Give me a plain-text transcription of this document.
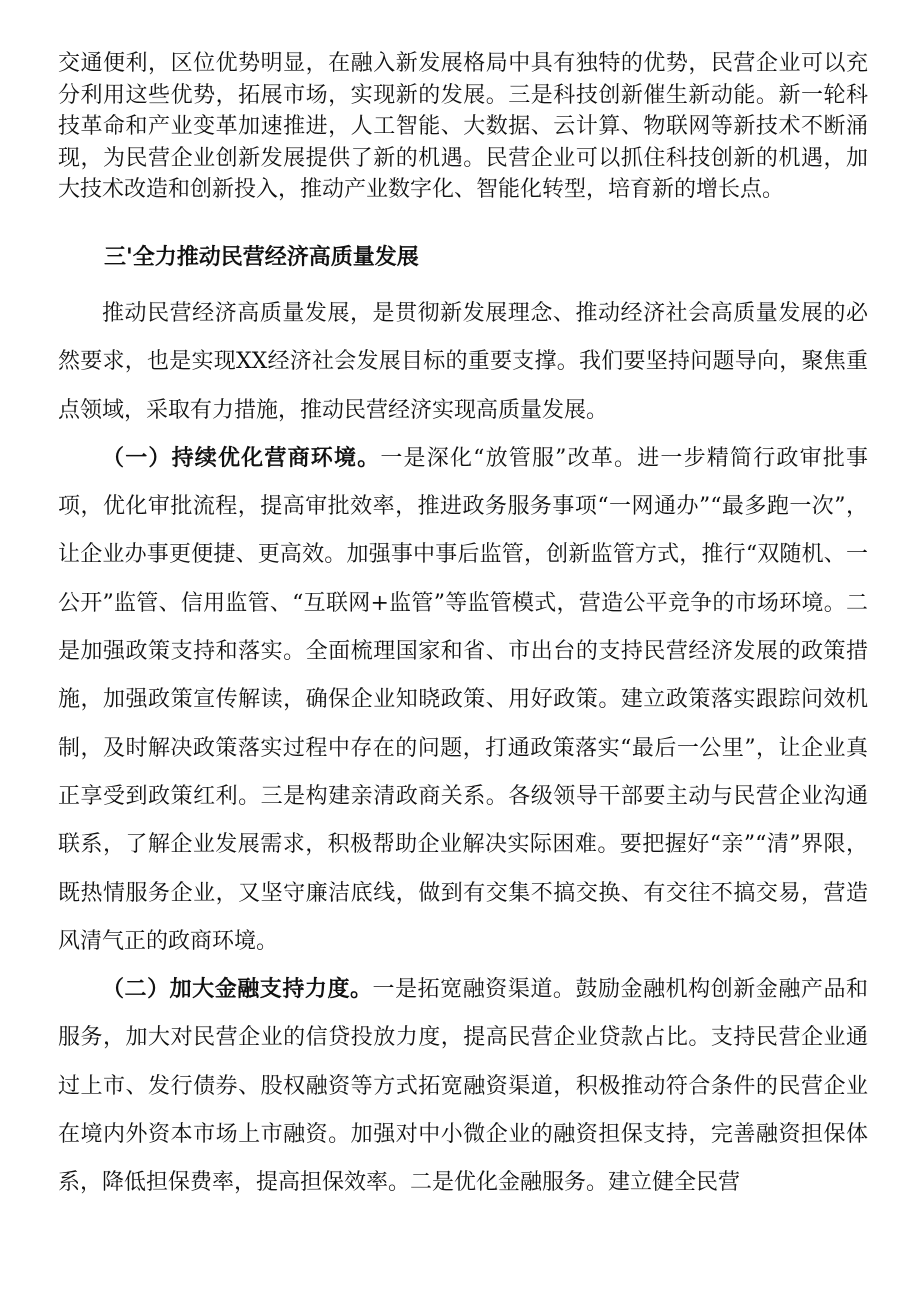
交通便利，区位优势明显，在融入新发展格局中具有独特的优势，民营企业可以充分利用这些优势，拓展市场，实现新的发展。三是科技创新催生新动能。新一轮科技革命和产业变革加速推进，人工智能、大数据、云计算、物联网等新技术不断涌现，为民营企业创新发展提供了新的机遇。民营企业可以抓住科技创新的机遇，加大技术改造和创新投入，推动产业数字化、智能化转型，培育新的增长点。

三'全力推动民营经济高质量发展

推动民营经济高质量发展，是贯彻新发展理念、推动经济社会高质量发展的必然要求，也是实现XX经济社会发展目标的重要支撑。我们要坚持问题导向，聚焦重点领域，采取有力措施，推动民营经济实现高质量发展。

（一）持续优化营商环境。一是深化“放管服”改革。进一步精简行政审批事项，优化审批流程，提高审批效率，推进政务服务事项“一网通办”“最多跑一次”，让企业办事更便捷、更高效。加强事中事后监管，创新监管方式，推行“双随机、一公开”监管、信用监管、“互联网+监管”等监管模式，营造公平竞争的市场环境。二是加强政策支持和落实。全面梳理国家和省、市出台的支持民营经济发展的政策措施，加强政策宣传解读，确保企业知晓政策、用好政策。建立政策落实跟踪问效机制，及时解决政策落实过程中存在的问题，打通政策落实“最后一公里”，让企业真正享受到政策红利。三是构建亲清政商关系。各级领导干部要主动与民营企业沟通联系，了解企业发展需求，积极帮助企业解决实际困难。要把握好“亲”“清”界限，既热情服务企业，又坚守廉洁底线，做到有交集不搞交换、有交往不搞交易，营造风清气正的政商环境。

（二）加大金融支持力度。一是拓宽融资渠道。鼓励金融机构创新金融产品和服务，加大对民营企业的信贷投放力度，提高民营企业贷款占比。支持民营企业通过上市、发行债券、股权融资等方式拓宽融资渠道，积极推动符合条件的民营企业在境内外资本市场上市融资。加强对中小微企业的融资担保支持，完善融资担保体系，降低担保费率，提高担保效率。二是优化金融服务。建立健全民营
